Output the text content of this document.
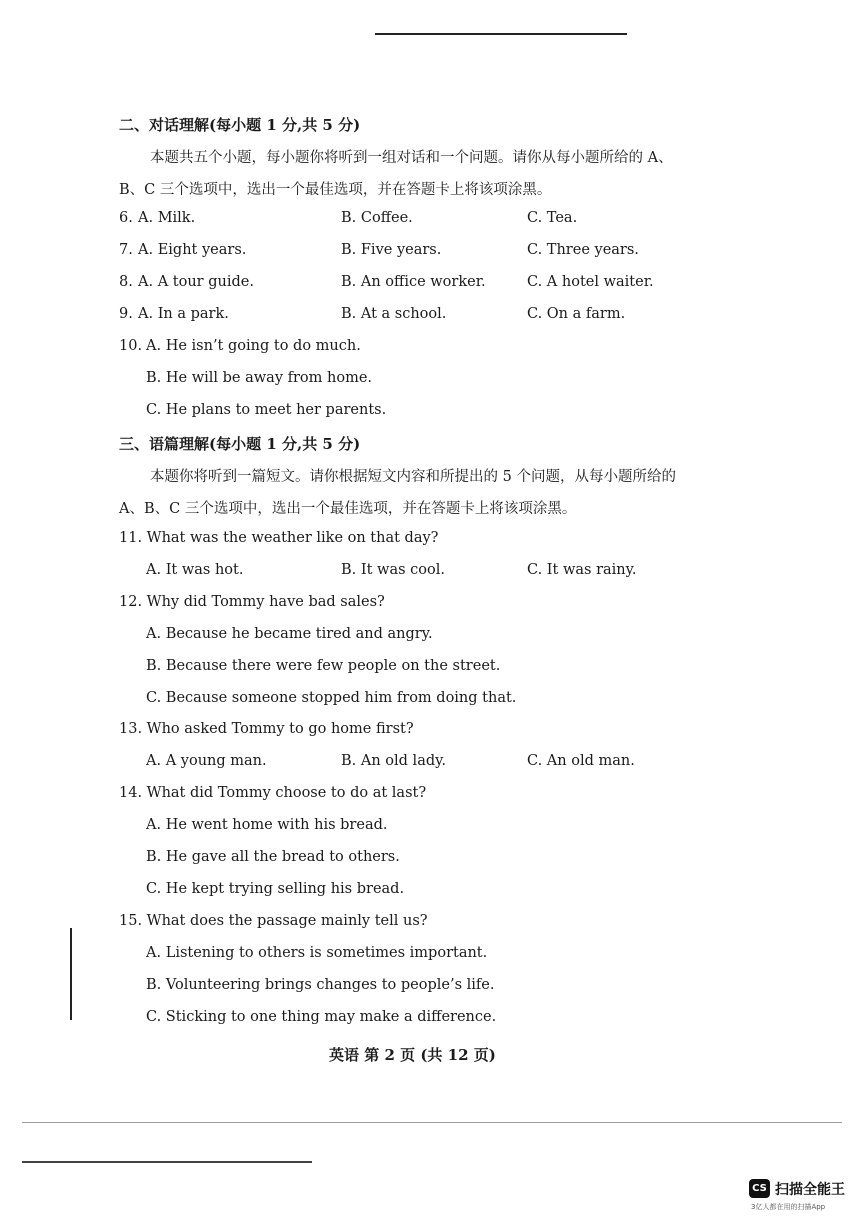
二、对话理解(每小题 1 分,共 5 分)
本题共五个小题，每小题你将听到一组对话和一个问题。请你从每小题所给的 A、
B、C 三个选项中，选出一个最佳选项，并在答题卡上将该项涂黑。
6. A. Milk.	B. Coffee.	C. Tea.
7. A. Eight years.	B. Five years.	C. Three years.
8. A. A tour guide.	B. An office worker.	C. A hotel waiter.
9. A. In a park.	B. At a school.	C. On a farm.
10. A. He isn’t going to do much.
B. He will be away from home.
C. He plans to meet her parents.
三、语篇理解(每小题 1 分,共 5 分)
本题你将听到一篇短文。请你根据短文内容和所提出的 5 个问题，从每小题所给的
A、B、C 三个选项中，选出一个最佳选项，并在答题卡上将该项涂黑。
11. What was the weather like on that day?
A. It was hot.	B. It was cool.	C. It was rainy.
12. Why did Tommy have bad sales?
A. Because he became tired and angry.
B. Because there were few people on the street.
C. Because someone stopped him from doing that.
13. Who asked Tommy to go home first?
A. A young man.	B. An old lady.	C. An old man.
14. What did Tommy choose to do at last?
A. He went home with his bread.
B. He gave all the bread to others.
C. He kept trying selling his bread.
15. What does the passage mainly tell us?
A. Listening to others is sometimes important.
B. Volunteering brings changes to people’s life.
C. Sticking to one thing may make a difference.
英语 第 2 页 (共 12 页)
CS 扫描全能王
3亿人都在用的扫描App
